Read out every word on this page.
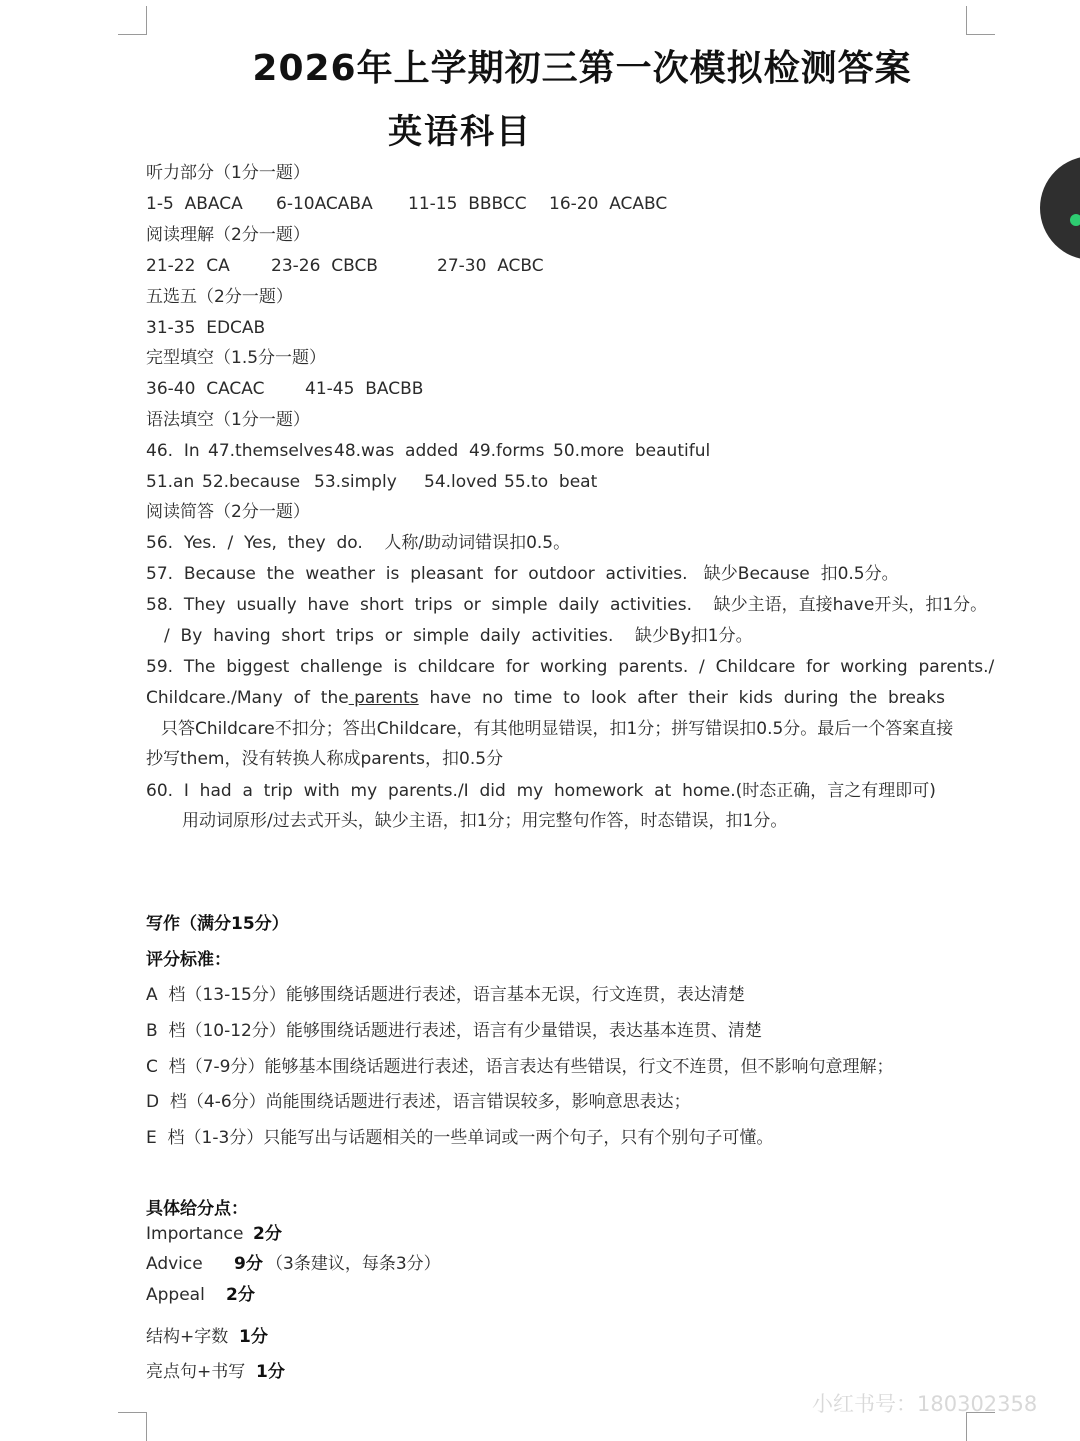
2026年上学期初三第一次模拟检测答案
英语科目
听力部分（1分一题）
1-5  ABACA 6-10ACABA 11-15  BBBCC 16-20  ACABC
阅读理解（2分一题）
21-22  CA 23-26  CBCB	27-30  ACBC
五选五（2分一题）
31-35  EDCAB
完型填空（1.5分一题）
36-40  CACAC 41-45  BACBB
语法填空（1分一题）
46.  In 47.themselves 48.was  added 49.forms 50.more  beautiful
51.an 52.because 53.simply 54.loved 55.to  beat
阅读简答（2分一题）
56.  Yes.  /  Yes,  they  do.    人称/助动词错误扣0.5。
57.  Because  the  weather  is  pleasant  for  outdoor  activities.   缺少Because  扣0.5分。
58.  They  usually  have  short  trips  or  simple  daily  activities.    缺少主语，直接have开头，扣1分。
/  By  having  short  trips  or  simple  daily  activities.    缺少By扣1分。
59.  The  biggest  challenge  is  childcare  for  working  parents.  /  Childcare  for  working  parents./
Childcare./Many  of  the parents  have  no  time  to  look  after  their  kids  during  the  breaks
只答Childcare不扣分；答出Childcare，有其他明显错误，扣1分；拼写错误扣0.5分。最后一个答案直接
抄写them，没有转换人称成parents，扣0.5分
60.  I  had  a  trip  with  my  parents./I  did  my  homework  at  home.(时态正确，言之有理即可)
用动词原形/过去式开头，缺少主语，扣1分；用完整句作答，时态错误，扣1分。
写作（满分15分）
评分标准：
A  档（13-15分）能够围绕话题进行表述，语言基本无误，行文连贯，表达清楚
B  档（10-12分）能够围绕话题进行表述，语言有少量错误，表达基本连贯、清楚
C  档（7-9分）能够基本围绕话题进行表述，语言表达有些错误，行文不连贯，但不影响句意理解；
D  档（4-6分）尚能围绕话题进行表述，语言错误较多，影响意思表达；
E  档（1-3分）只能写出与话题相关的一些单词或一两个句子，只有个别句子可懂。
具体给分点：
Importance 2分
Advice 9分 （3条建议，每条3分）
Appeal 2分
结构+字数 1分
亮点句+书写 1分
小红书号：180302358
